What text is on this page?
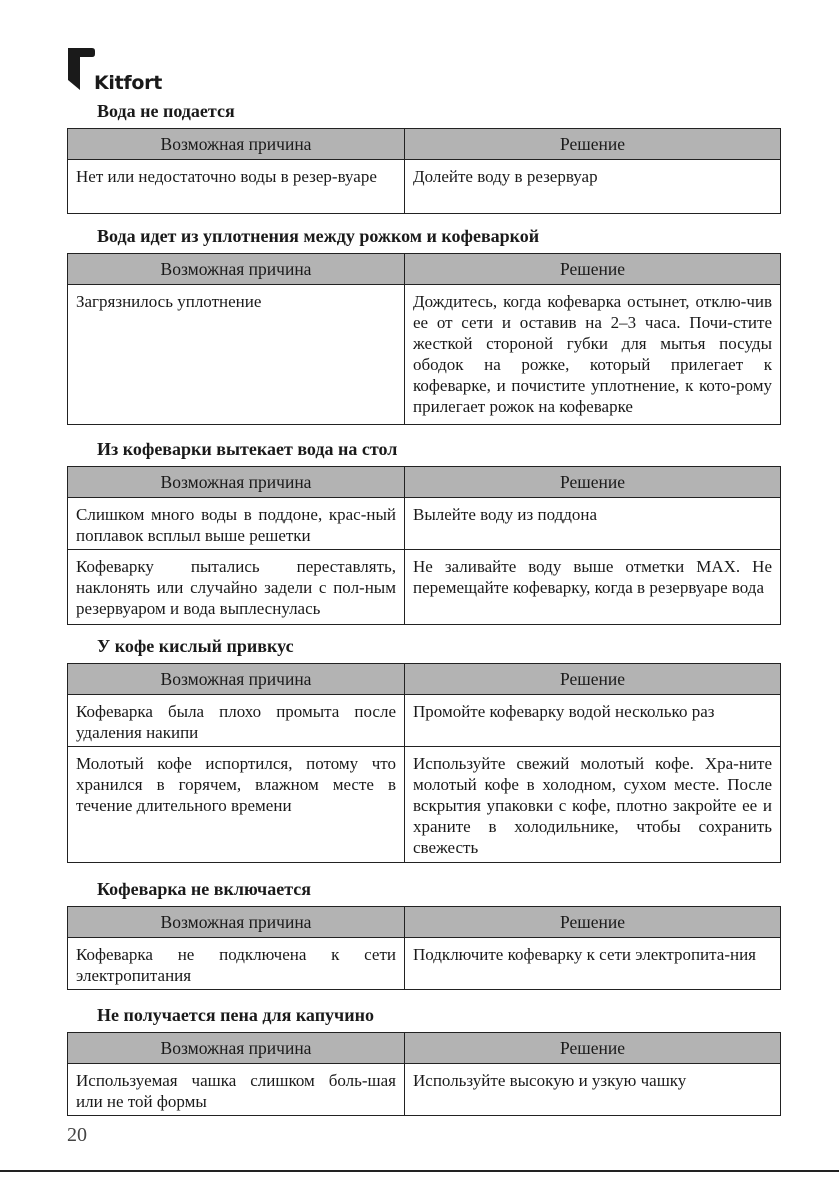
Kitfort
Вода не подается
Возможная причина	Решение
Нет или недостаточно воды в резер-вуаре	Долейте воду в резервуар
Вода идет из уплотнения между рожком и кофеваркой
Возможная причина	Решение
Загрязнилось уплотнение	Дождитесь, когда кофеварка остынет, отклю-чив ее от сети и оставив на 2–3 часа. Почи-стите жесткой стороной губки для мытья посуды ободок на рожке, который прилегает к кофеварке, и почистите уплотнение, к кото-рому прилегает рожок на кофеварке
Из кофеварки вытекает вода на стол
Возможная причина	Решение
Слишком много воды в поддоне, крас-ный поплавок всплыл выше решетки	Вылейте воду из поддона
Кофеварку пытались переставлять, наклонять или случайно задели с пол-ным резервуаром и вода выплеснулась	Не заливайте воду выше отметки MAX. Не перемещайте кофеварку, когда в резервуаре вода
У кофе кислый привкус
Возможная причина	Решение
Кофеварка была плохо промыта после удаления накипи	Промойте кофеварку водой несколько раз
Молотый кофе испортился, потому что хранился в горячем, влажном месте в течение длительного времени	Используйте свежий молотый кофе. Хра-ните молотый кофе в холодном, сухом месте. После вскрытия упаковки с кофе, плотно закройте ее и храните в холодильнике, чтобы сохранить свежесть
Кофеварка не включается
Возможная причина	Решение
Кофеварка не подключена к сети электропитания	Подключите кофеварку к сети электропита-ния
Не получается пена для капучино
Возможная причина	Решение
Используемая чашка слишком боль-шая или не той формы	Используйте высокую и узкую чашку
20
